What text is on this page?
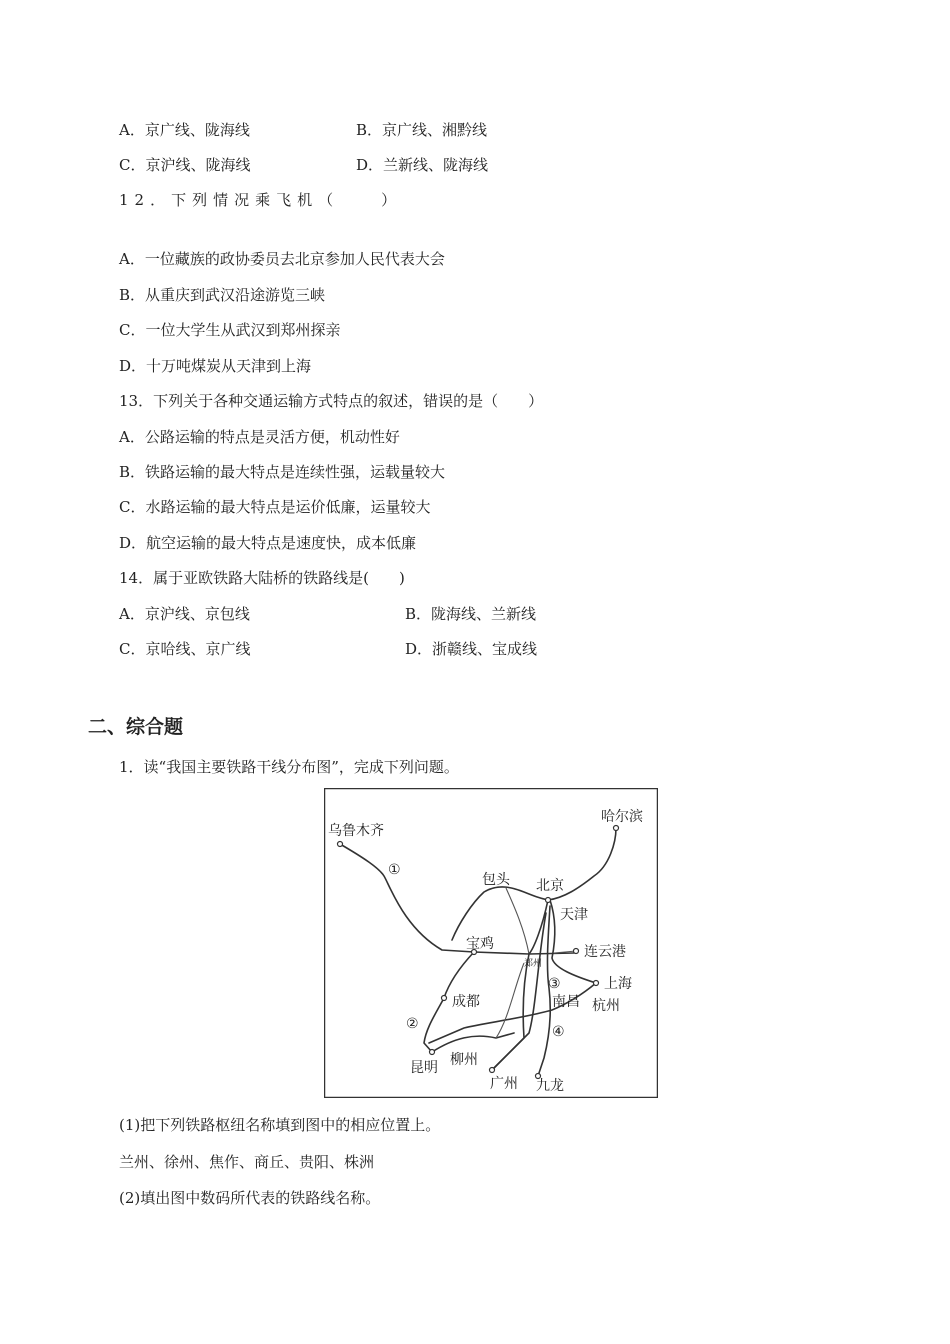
A．京广线、陇海线	B．京广线、湘黔线
C．京沪线、陇海线	D．兰新线、陇海线
12．下列情况乘飞机（　　）
A．一位藏族的政协委员去北京参加人民代表大会
B．从重庆到武汉沿途游览三峡
C．一位大学生从武汉到郑州探亲
D．十万吨煤炭从天津到上海
13．下列关于各种交通运输方式特点的叙述，错误的是（　　）
A．公路运输的特点是灵活方便，机动性好
B．铁路运输的最大特点是连续性强，运载量较大
C．水路运输的最大特点是运价低廉，运量较大
D．航空运输的最大特点是速度快，成本低廉
14．属于亚欧铁路大陆桥的铁路线是(　　)
A．京沪线、京包线	B．陇海线、兰新线
C．京哈线、京广线	D．浙赣线、宝成线
二、综合题
1．读“我国主要铁路干线分布图”，完成下列问题。
乌鲁木齐
哈尔滨
包头 北京
天津
宝鸡
郑州
连云港
上海
成都	南昌 杭州
昆明 柳州
广州 九龙
①
②
③
④
(1)把下列铁路枢纽名称填到图中的相应位置上。
兰州、徐州、焦作、商丘、贵阳、株洲
(2)填出图中数码所代表的铁路线名称。
